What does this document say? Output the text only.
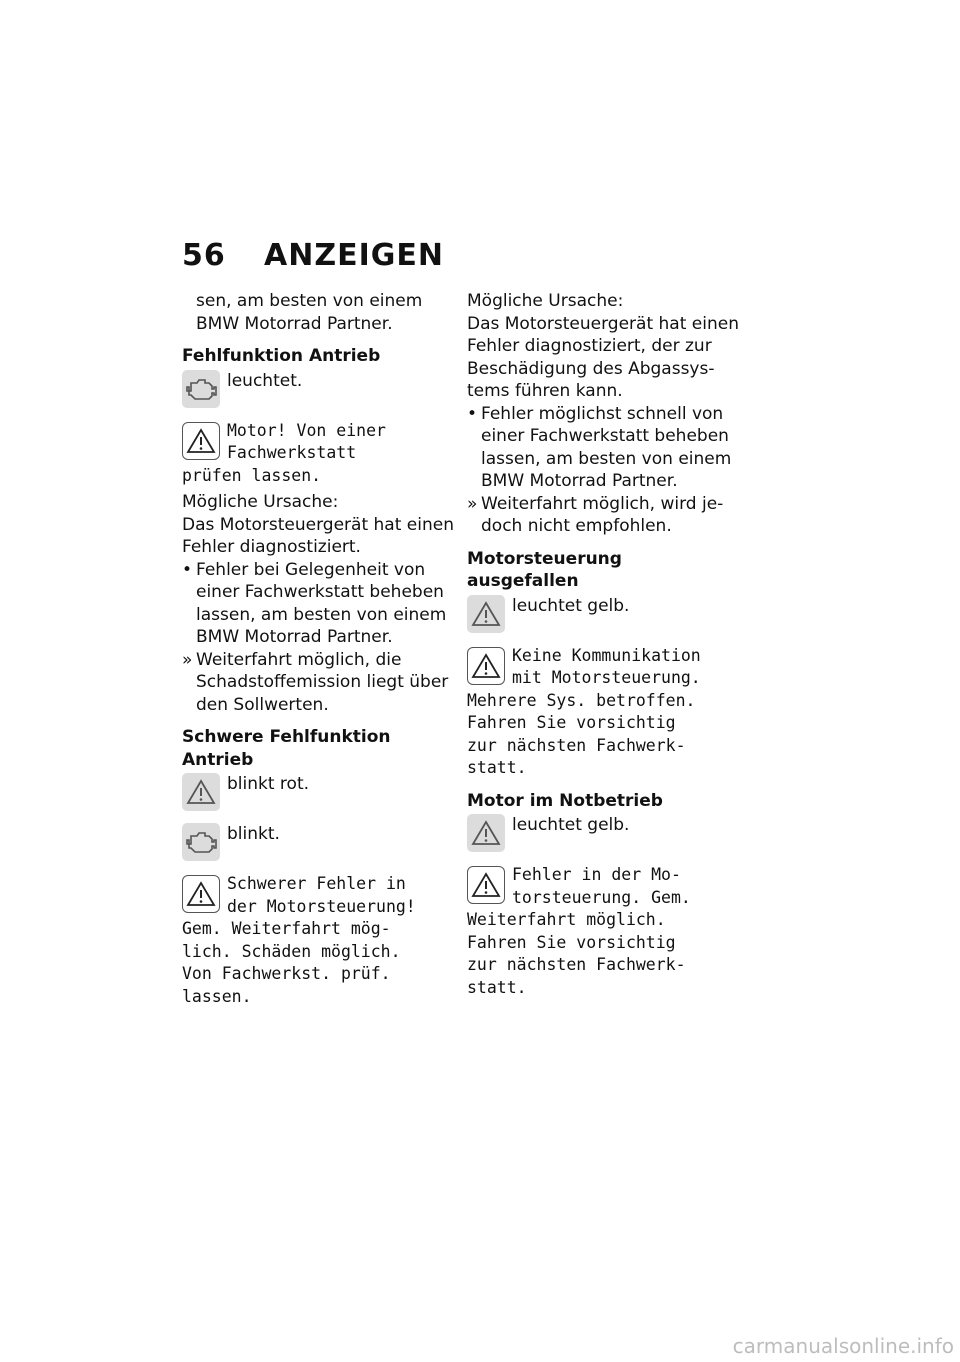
56 ANZEIGEN

sen, am besten von einem BMW Motorrad Partner.

Fehlfunktion Antrieb

leuchtet.
Motor! Von einer
Fachwerkstatt
prüfen lassen.

Mögliche Ursache:

Das Motorsteuergerät hat einen Fehler diagnostiziert.

• Fehler bei Gelegenheit von einer Fachwerkstatt beheben lassen, am besten von einem BMW Motorrad Partner.
» Weiterfahrt möglich, die Schadstoffemission liegt über den Sollwerten.

Schwere Fehlfunktion Antrieb

blinkt rot.
blinkt.
Schwerer Fehler in
der Motorsteuerung!
Gem. Weiterfahrt mög-
lich. Schäden möglich.
Von Fachwerkst. prüf.
lassen.

Mögliche Ursache:

Das Motorsteuergerät hat einen Fehler diagnostiziert, der zur Beschädigung des Abgassys-tems führen kann.

• Fehler möglichst schnell von einer Fachwerkstatt beheben lassen, am besten von einem BMW Motorrad Partner.
» Weiterfahrt möglich, wird je-doch nicht empfohlen.

Motorsteuerung ausgefallen

leuchtet gelb.
Keine Kommunikation
mit Motorsteuerung.
Mehrere Sys. betroffen.
Fahren Sie vorsichtig
zur nächsten Fachwerk-
statt.

Motor im Notbetrieb

leuchtet gelb.
Fehler in der Mo-
torsteuerung. Gem.
Weiterfahrt möglich.
Fahren Sie vorsichtig
zur nächsten Fachwerk-
statt.
carmanualsonline.info
